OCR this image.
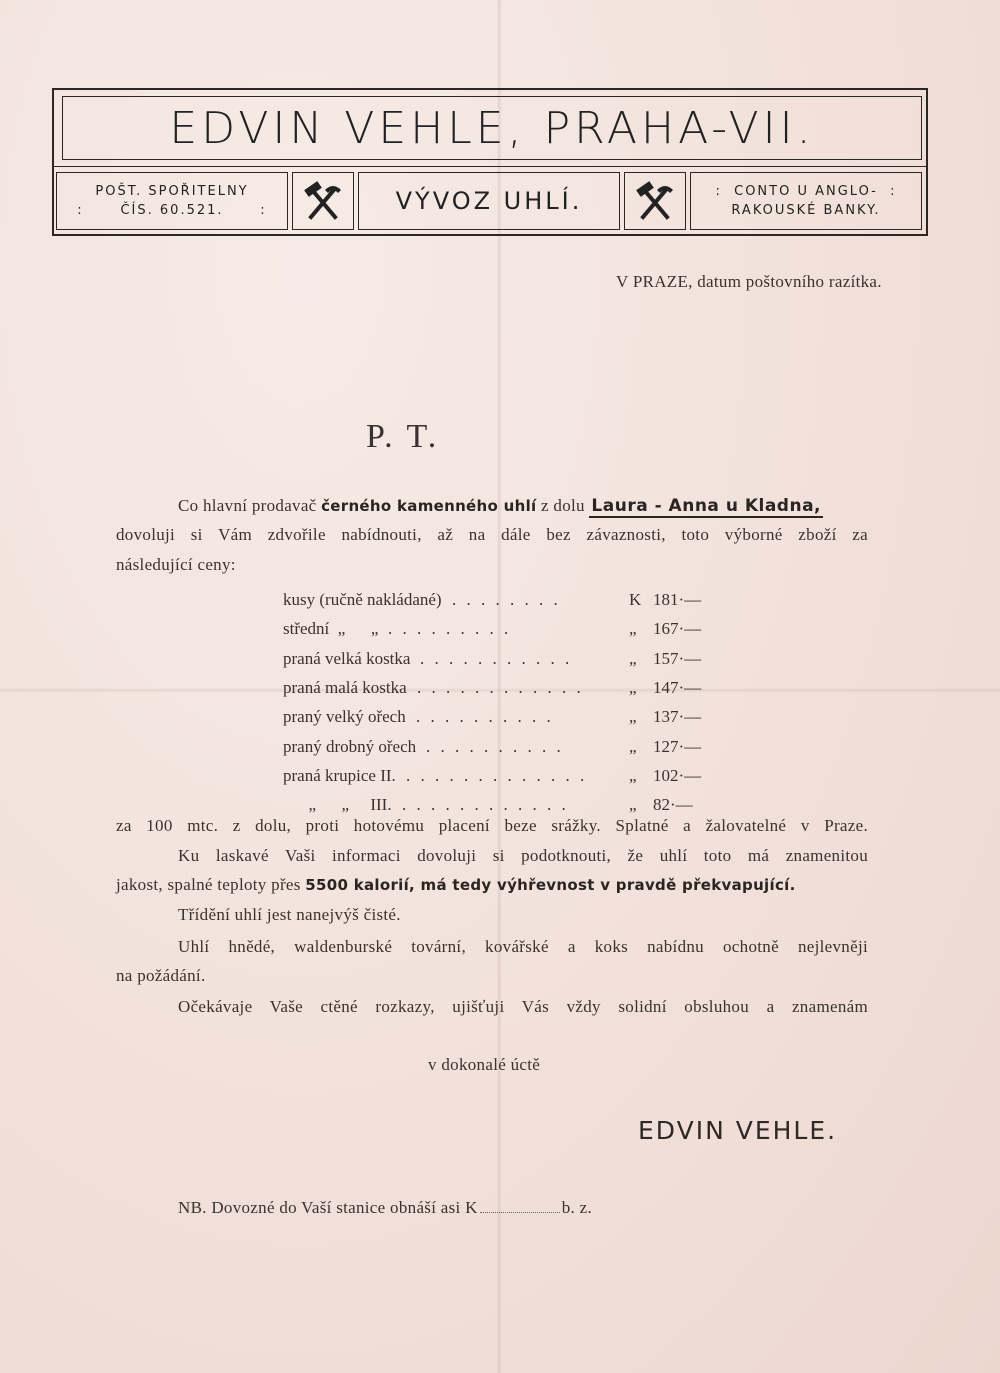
EDVIN VEHLE, PRAHA-VII.
POŠT. SPOŘITELNY
:      ČÍS. 60.521.      :	VÝVOZ UHLÍ.	:  CONTO U ANGLO-  :
RAKOUSKÉ BANKY.
V PRAZE, datum poštovního razítka.
P. T.
Co hlavní prodavač černého kamenného uhlí z dolu Laura - Anna u Kladna,
dovoluji si Vám zdvořile nabídnouti, až na dále bez závaznosti, toto výborné zboží za
následující ceny:
kusy (ručně nakládané) . . . . . . . .	K 181·—
střední  „      „ . . . . . . . . .	„ 167·—
praná velká kostka . . . . . . . . . . .	„ 157·—
praná malá kostka . . . . . . . . . . . .	„ 147·—
praný velký ořech . . . . . . . . . .	„ 137·—
praný drobný ořech . . . . . . . . . .	„ 127·—
praná krupice II. . . . . . . . . . . . . . „ 102·—
„      „     III. . . . . . . . . . . . .	„ 82·—
za 100 mtc. z dolu, proti hotovému placení beze srážky. Splatné a žalovatelné v Praze.
Ku laskavé Vaši informaci dovoluji si podotknouti, že uhlí toto má znamenitou
jakost, spalné teploty přes 5500 kalorií, má tedy výhřevnost v pravdě překvapující.
Třídění uhlí jest nanejvýš čisté.
Uhlí hnědé, waldenburské tovární, kovářské a koks nabídnu ochotně nejlevněji
na požádání.
Očekávaje Vaše ctěné rozkazy, ujišťuji Vás vždy solidní obsluhou a znamenám
v dokonalé úctě
EDVIN VEHLE.
NB. Dovozné do Vaší stanice obnáší asi K	b. z.
